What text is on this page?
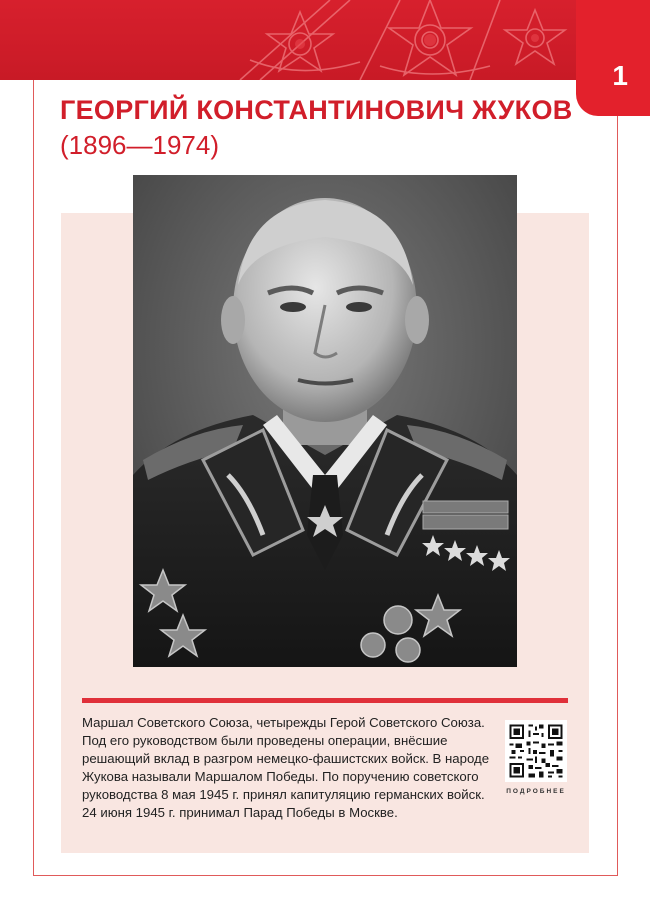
1
ГЕОРГИЙ КОНСТАНТИНОВИЧ ЖУКОВ
(1896—1974)

Маршал Советского Союза, четырежды Герой Советского Союза. Под его руководством были проведены операции, внёсшие решающий вклад в разгром немецко-фашистских войск. В народе Жукова называли Маршалом Победы. По поручению советского руководства 8 мая 1945 г. принял капитуляцию германских войск. 24 июня 1945 г. принимал Парад Победы в Москве.

ПОДРОБНЕЕ
